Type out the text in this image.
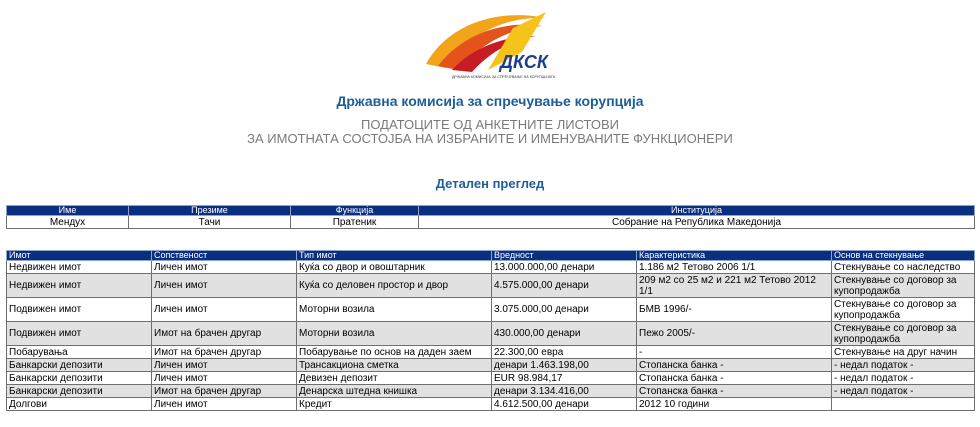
ДКСК
ДРЖАВНА КОМИСИЈА ЗА СПРЕЧУВАЊЕ НА КОРУПЦИЈАТА
Државна комисија за спречување корупција
ПОДАТОЦИТЕ ОД АНКЕТНИТЕ ЛИСТОВИ
ЗА ИМОТНАТА СОСТОЈБА НА ИЗБРАНИТЕ И ИМЕНУВАНИТЕ ФУНКЦИОНЕРИ
Детален преглед
Име	Презиме	Функција	Институција
Мендух	Тачи	Пратеник	Собрание на Република Македонија
Имот	Сопственост	Тип имот	Вредност	Карактеристика	Основ на стекнување
Недвижен имот	Личен имот	Куќа со двор и овоштарник	13.000.000,00 денари	1.186 м2 Тетово 2006 1/1	Стекнување со наследство
Недвижен имот	Личен имот	Куќа со деловен простор и двор	4.575.000,00 денари	209 м2 со 25 м2 и 221 м2 Тетово 2012 1/1	Стекнување со договор за купопродажба
Подвижен имот	Личен имот	Моторни возила	3.075.000,00 денари	БМВ 1996/-	Стекнување со договор за купопродажба
Подвижен имот	Имот на брачен другар	Моторни возила	430.000,00 денари	Пежо 2005/-	Стекнување со договор за купопродажба
Побарувања	Имот на брачен другар	Побарување по основ на даден заем	22.300,00 евра	-	Стекнување на друг начин
Банкарски депозити	Личен имот	Трансакциона сметка	денари 1.463.198,00	Стопанска банка -	- недал податок -
Банкарски депозити	Личен имот	Девизен депозит	EUR 98.984,17	Стопанска банка -	- недал податок -
Банкарски депозити	Имот на брачен другар	Денарска штедна книшка	денари 3.134.416,00	Стопанска банка -	- недал податок -
Долгови	Личен имот	Кредит	4.612.500,00 денари	2012 10 години	
